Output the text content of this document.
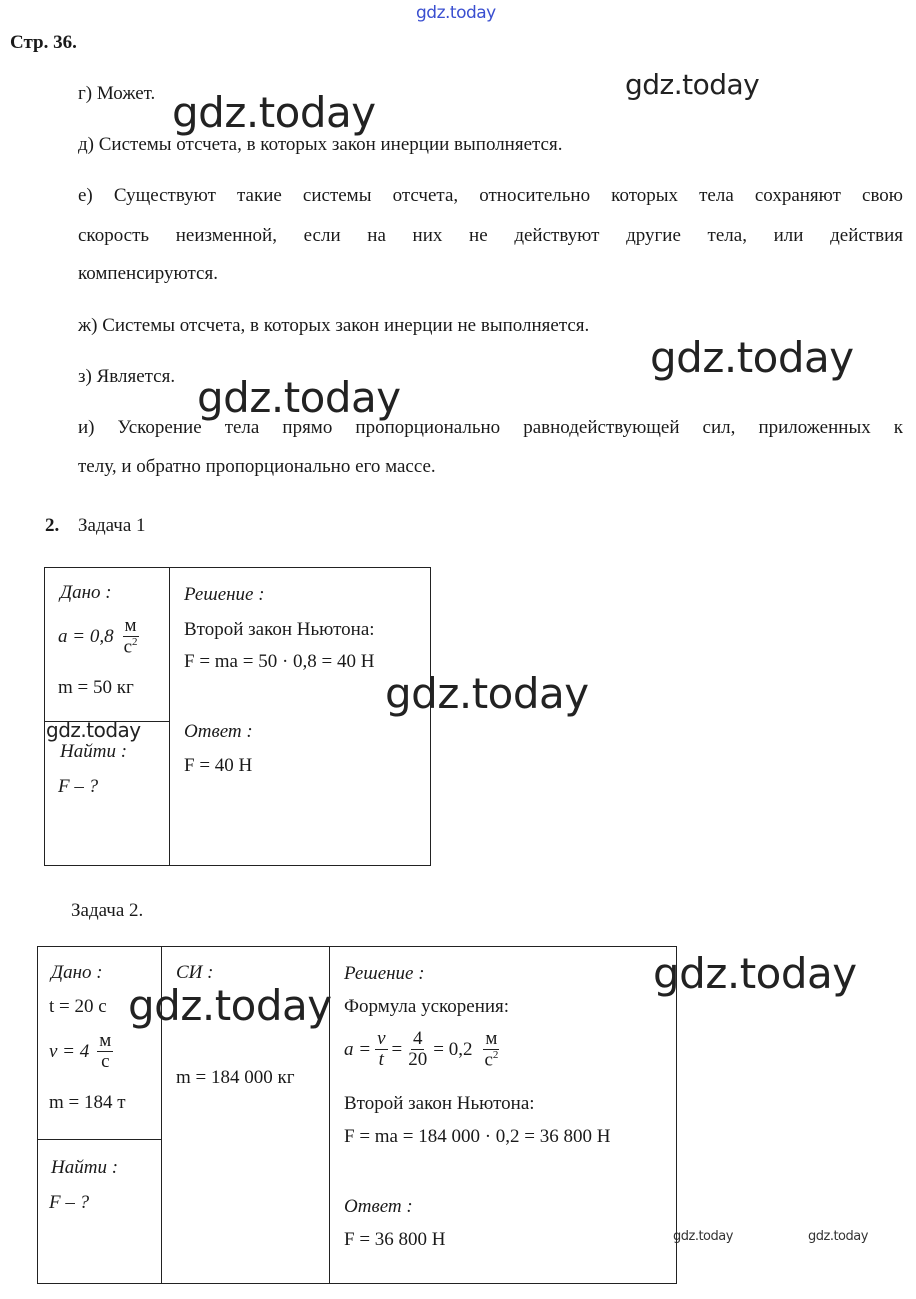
gdz.today
gdz.today
gdz.today
gdz.today
gdz.today
gdz.today
gdz.today
gdz.today
gdz.today
gdz.today	gdz.today
Стр. 36.
г) Может.
д) Системы отсчета, в которых закон инерции выполняется.
е) Существуют такие системы отсчета, относительно которых тела сохраняют свою
скорость неизменной, если на них не действуют другие тела, или действия
компенсируются.
ж) Системы отсчета, в которых закон инерции не выполняется.
з) Является.
и) Ускорение тела прямо пропорционально равнодействующей сил, приложенных к
телу, и обратно пропорционально его массе.
2. Задача 1
Дано :
$a = 0,8 \frac{м}{с^2}$
m = 50 кг
Найти :
F – ?
Решение :
Второй закон Ньютона:
F = ma = 50 · 0,8 = 40 Н
Ответ :
F = 40 Н
Задача 2.
Дано :
t = 20 с
$v = 4 \frac{м}{с}$
m = 184 т
Найти :
F – ?
СИ :
m = 184 000 кг
Решение :
Формула ускорения:
$a = \frac{v}{t} = \frac{4}{20} = 0,2 \frac{м}{с^2}$
Второй закон Ньютона:
F = ma = 184 000 · 0,2 = 36 800 Н
Ответ :
F = 36 800 Н
